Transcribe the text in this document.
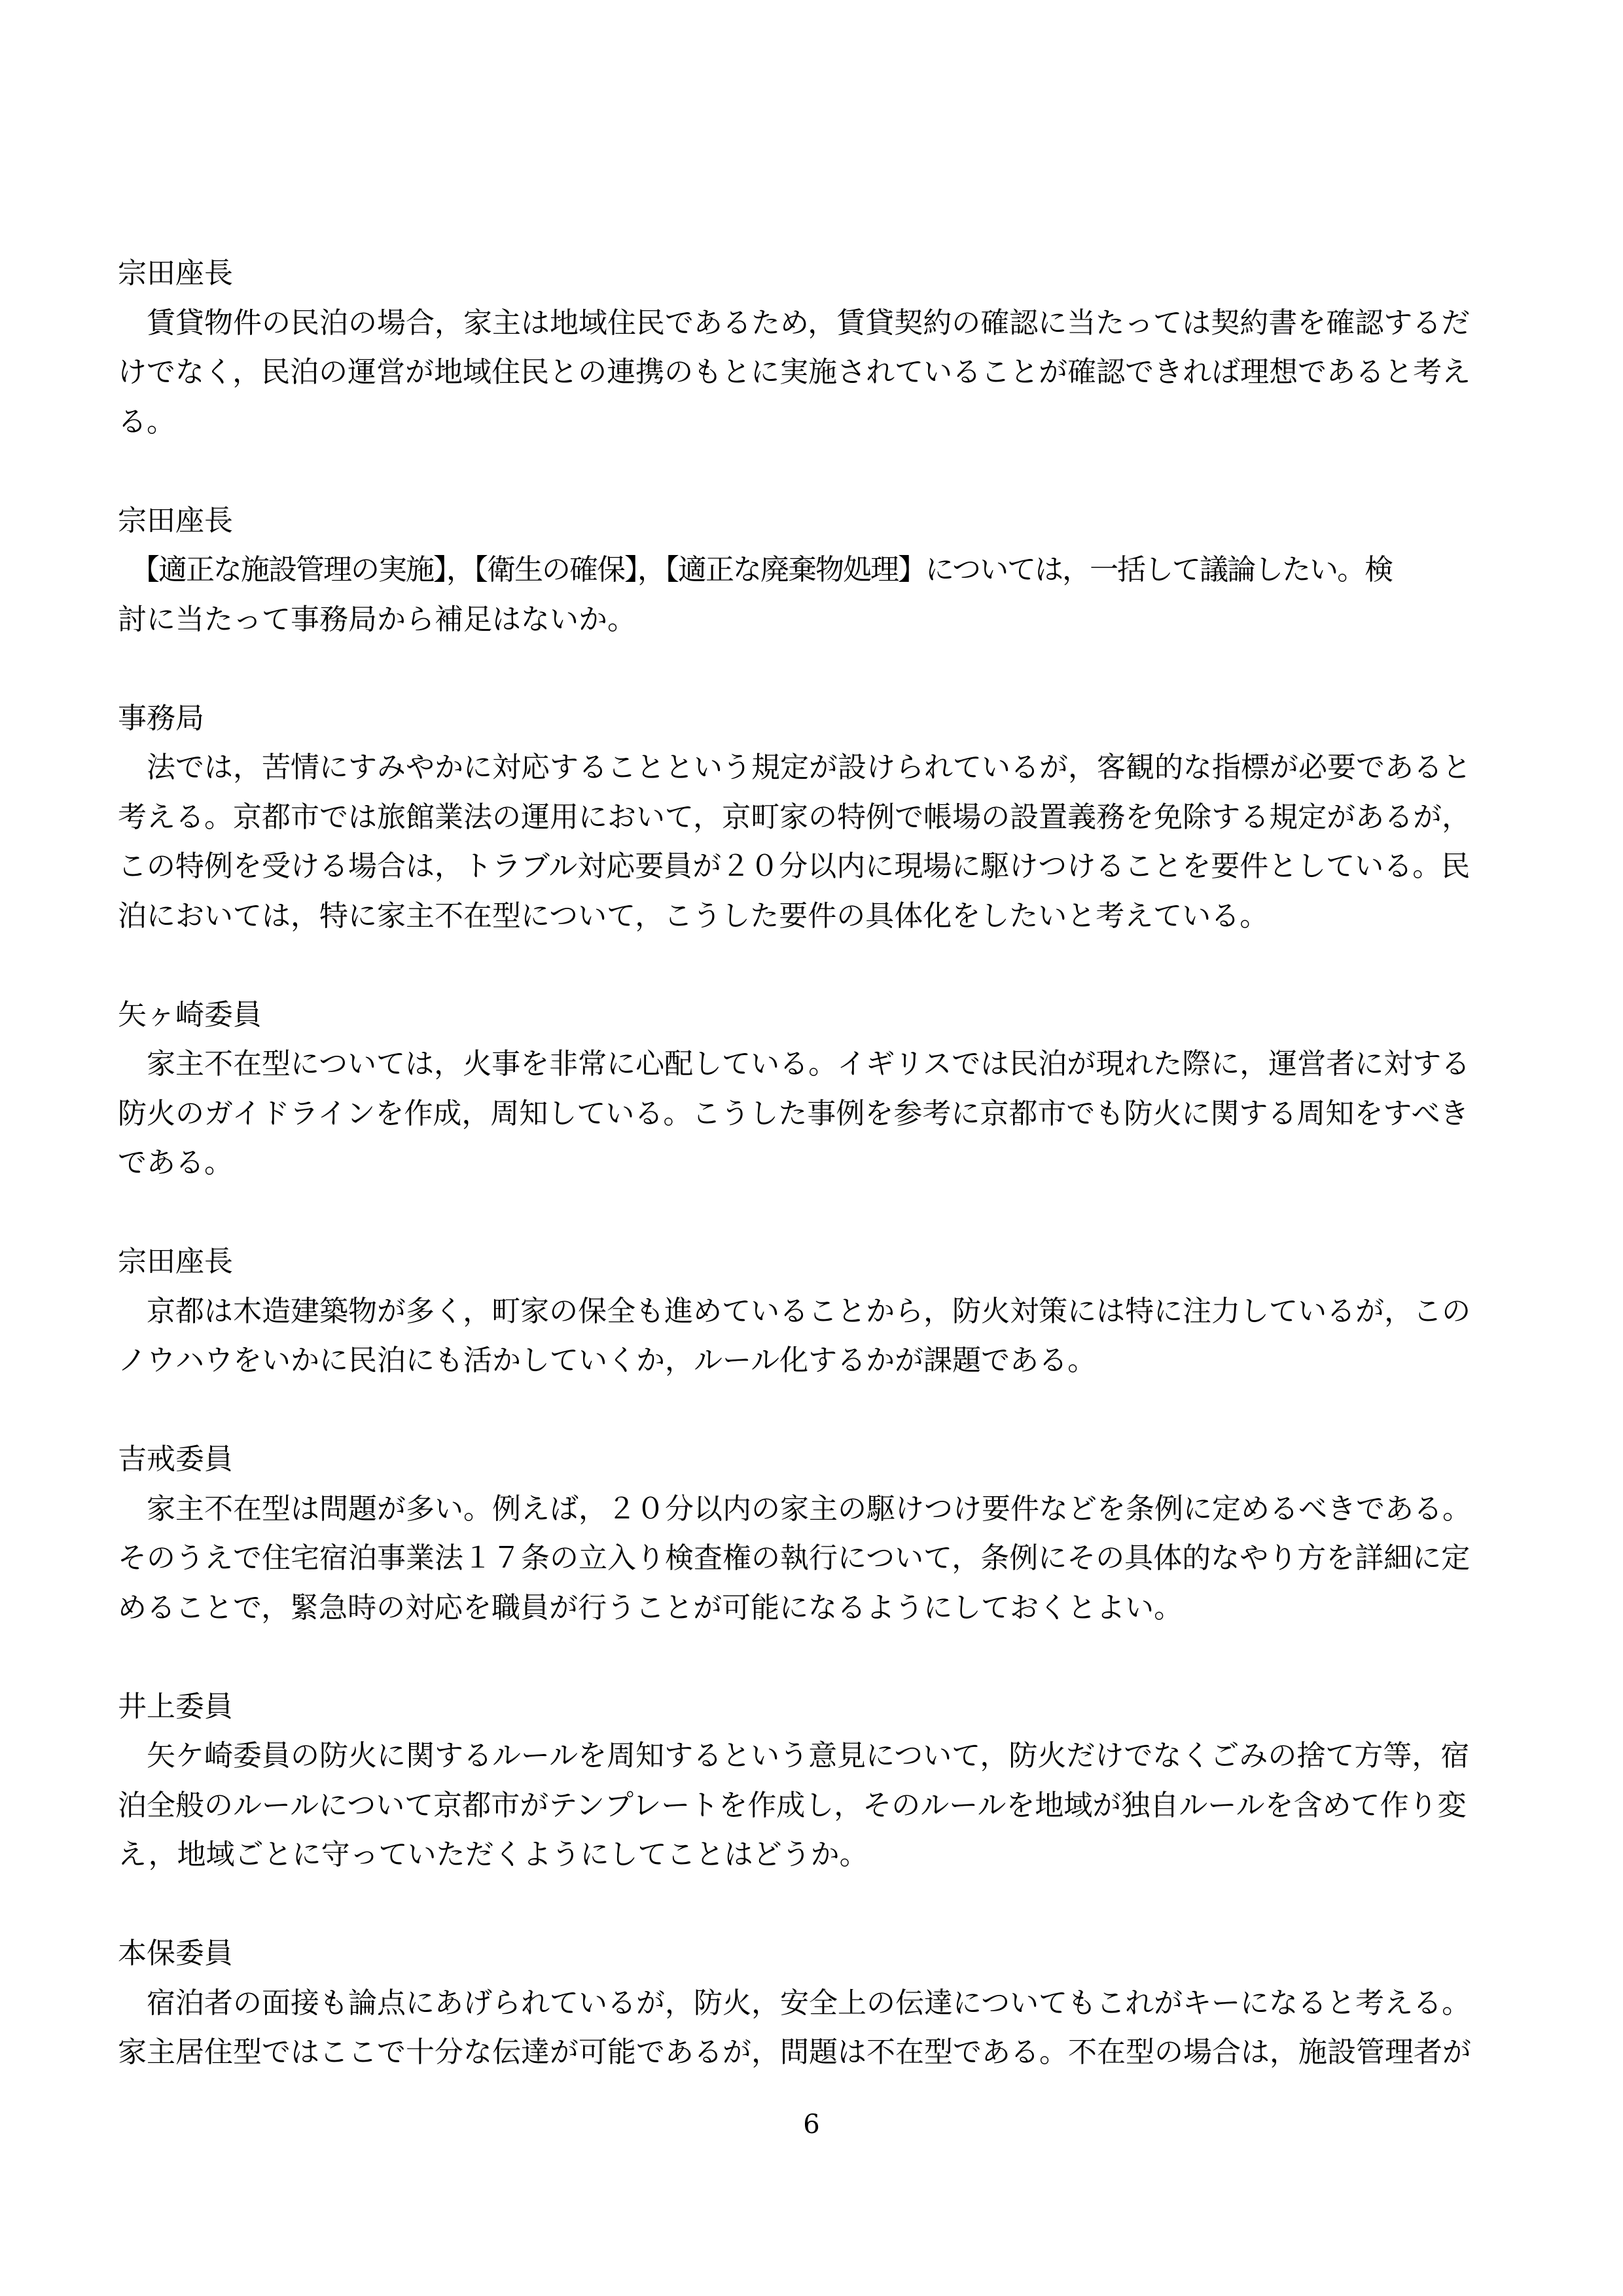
宗田座長
　賃貸物件の民泊の場合，家主は地域住民であるため，賃貸契約の確認に当たっては契約書を確認するだ
けでなく，民泊の運営が地域住民との連携のもとに実施されていることが確認できれば理想であると考え
る。
宗田座長
　【適正な施設管理の実施】，【衛生の確保】，【適正な廃棄物処理】については，一括して議論したい。検
討に当たって事務局から補足はないか。
事務局
　法では，苦情にすみやかに対応することという規定が設けられているが，客観的な指標が必要であると
考える。京都市では旅館業法の運用において，京町家の特例で帳場の設置義務を免除する規定があるが，
この特例を受ける場合は，トラブル対応要員が２０分以内に現場に駆けつけることを要件としている。民
泊においては，特に家主不在型について，こうした要件の具体化をしたいと考えている。
矢ヶ崎委員
　家主不在型については，火事を非常に心配している。イギリスでは民泊が現れた際に，運営者に対する
防火のガイドラインを作成，周知している。こうした事例を参考に京都市でも防火に関する周知をすべき
である。
宗田座長
　京都は木造建築物が多く，町家の保全も進めていることから，防火対策には特に注力しているが，この
ノウハウをいかに民泊にも活かしていくか，ルール化するかが課題である。
吉戒委員
　家主不在型は問題が多い。例えば，２０分以内の家主の駆けつけ要件などを条例に定めるべきである。
そのうえで住宅宿泊事業法１７条の立入り検査権の執行について，条例にその具体的なやり方を詳細に定
めることで，緊急時の対応を職員が行うことが可能になるようにしておくとよい。
井上委員
　矢ケ崎委員の防火に関するルールを周知するという意見について，防火だけでなくごみの捨て方等，宿
泊全般のルールについて京都市がテンプレートを作成し，そのルールを地域が独自ルールを含めて作り変
え，地域ごとに守っていただくようにしてことはどうか。
本保委員
　宿泊者の面接も論点にあげられているが，防火，安全上の伝達についてもこれがキーになると考える。
家主居住型ではここで十分な伝達が可能であるが，問題は不在型である。不在型の場合は，施設管理者が
6
